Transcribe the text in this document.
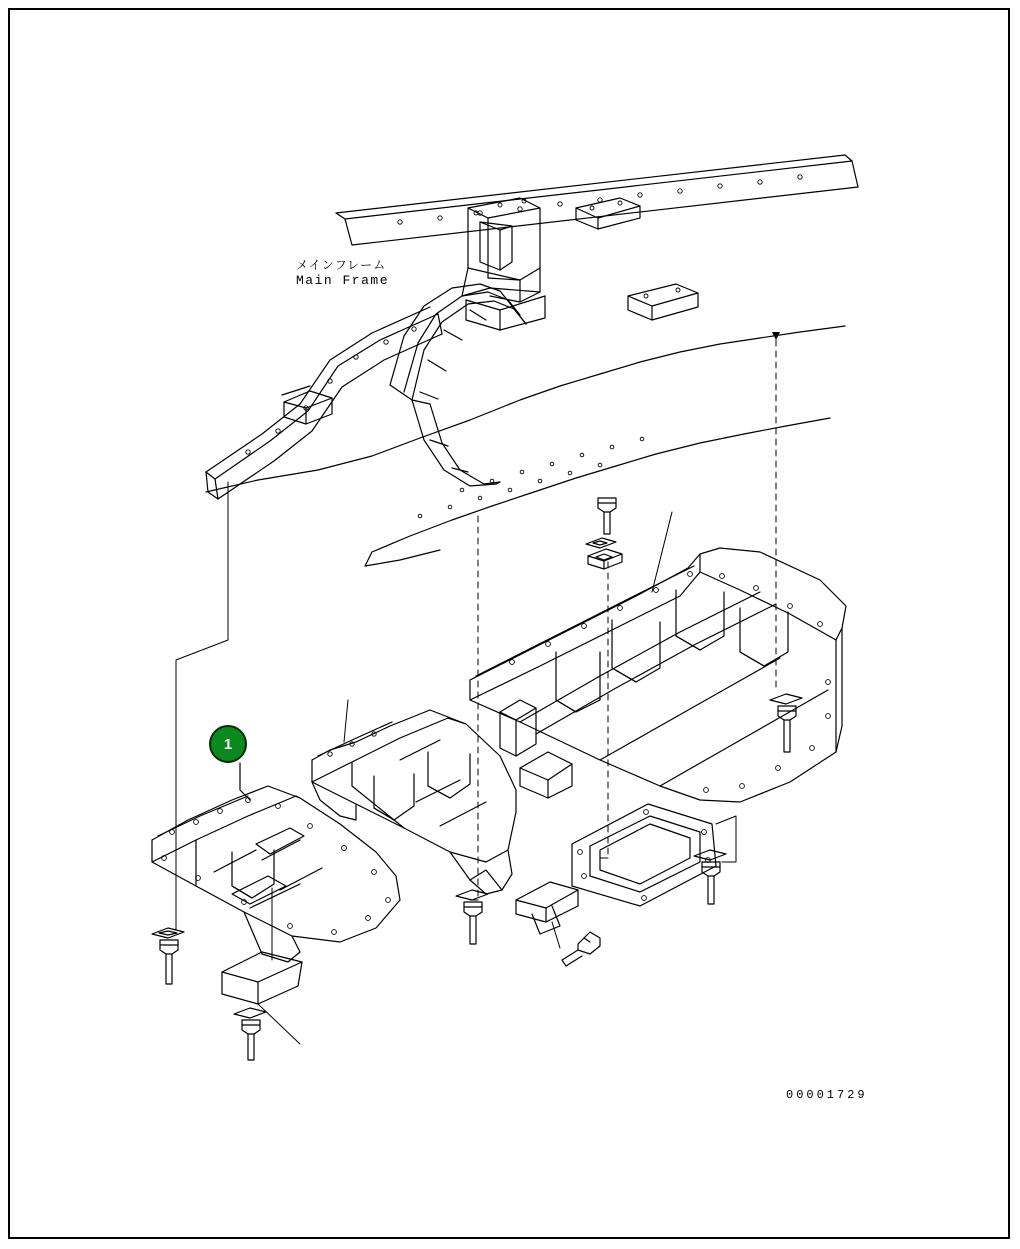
メインフレーム
Main Frame
1
00001729
